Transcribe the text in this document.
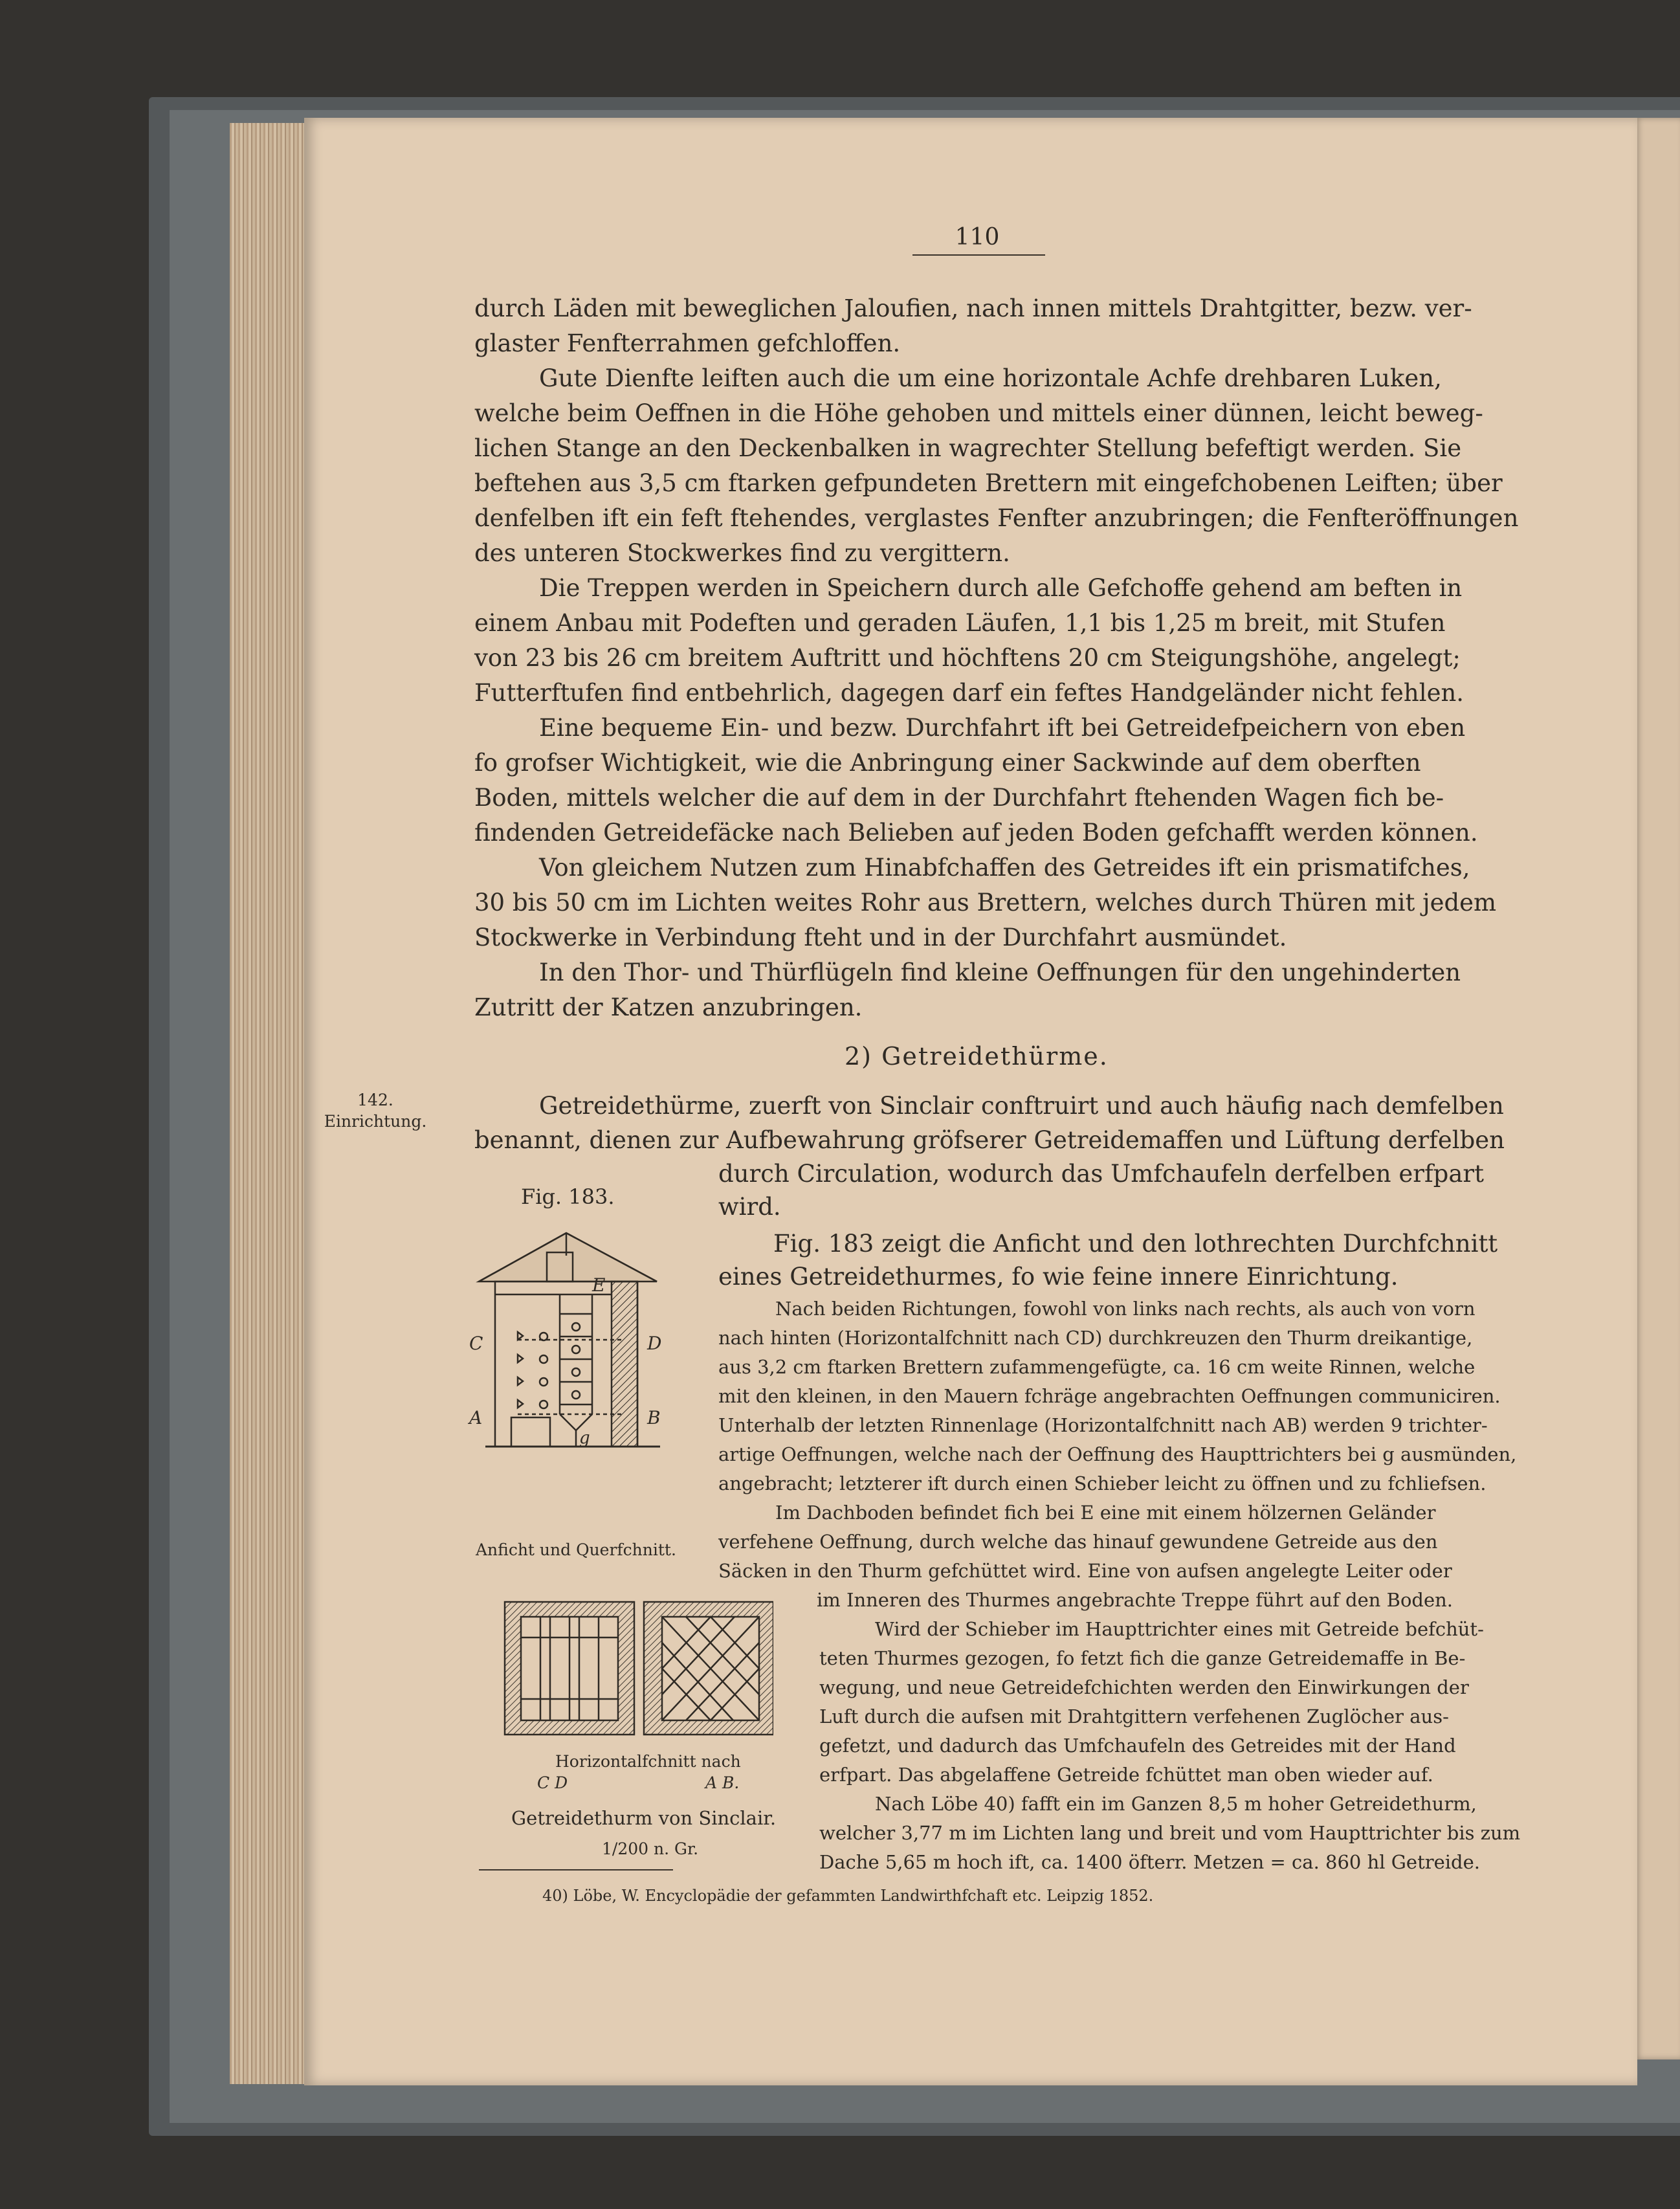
110
durch Läden mit beweglichen Jaloufien, nach innen mittels Drahtgitter, bezw. ver-
glaster Fenfterrahmen gefchloffen.
Gute Dienfte leiften auch die um eine horizontale Achfe drehbaren Luken,
welche beim Oeffnen in die Höhe gehoben und mittels einer dünnen, leicht beweg-
lichen Stange an den Deckenbalken in wagrechter Stellung befeftigt werden. Sie
beftehen aus 3,5 cm ftarken gefpundeten Brettern mit eingefchobenen Leiften; über
denfelben ift ein feft ftehendes, verglastes Fenfter anzubringen; die Fenfteröffnungen
des unteren Stockwerkes find zu vergittern.
Die Treppen werden in Speichern durch alle Gefchoffe gehend am beften in
einem Anbau mit Podeften und geraden Läufen, 1,1 bis 1,25 m breit, mit Stufen
von 23 bis 26 cm breitem Auftritt und höchftens 20 cm Steigungshöhe, angelegt;
Futterftufen find entbehrlich, dagegen darf ein feftes Handgeländer nicht fehlen.
Eine bequeme Ein- und bezw. Durchfahrt ift bei Getreidefpeichern von eben
fo grofser Wichtigkeit, wie die Anbringung einer Sackwinde auf dem oberften
Boden, mittels welcher die auf dem in der Durchfahrt ftehenden Wagen fich be-
findenden Getreidefäcke nach Belieben auf jeden Boden gefchafft werden können.
Von gleichem Nutzen zum Hinabfchaffen des Getreides ift ein prismatifches,
30 bis 50 cm im Lichten weites Rohr aus Brettern, welches durch Thüren mit jedem
Stockwerke in Verbindung fteht und in der Durchfahrt ausmündet.
In den Thor- und Thürflügeln find kleine Oeffnungen für den ungehinderten
Zutritt der Katzen anzubringen.
2) Getreidethürme.
142.
Einrichtung.
Getreidethürme, zuerft von Sinclair conftruirt und auch häufig nach demfelben
benannt, dienen zur Aufbewahrung gröfserer Getreidemaffen und Lüftung derfelben
durch Circulation, wodurch das Umfchaufeln derfelben erfpart
wird.
Fig. 183 zeigt die Anficht und den lothrechten Durchfchnitt
eines Getreidethurmes, fo wie feine innere Einrichtung.
Nach beiden Richtungen, fowohl von links nach rechts, als auch von vorn
nach hinten (Horizontalfchnitt nach CD) durchkreuzen den Thurm dreikantige,
aus 3,2 cm ftarken Brettern zufammengefügte, ca. 16 cm weite Rinnen, welche
mit den kleinen, in den Mauern fchräge angebrachten Oeffnungen communiciren.
Unterhalb der letzten Rinnenlage (Horizontalfchnitt nach AB) werden 9 trichter-
artige Oeffnungen, welche nach der Oeffnung des Haupttrichters bei g ausmünden,
angebracht; letzterer ift durch einen Schieber leicht zu öffnen und zu fchliefsen.
Im Dachboden befindet fich bei E eine mit einem hölzernen Geländer
verfehene Oeffnung, durch welche das hinauf gewundene Getreide aus den
Säcken in den Thurm gefchüttet wird. Eine von aufsen angelegte Leiter oder
im Inneren des Thurmes angebrachte Treppe führt auf den Boden.
Wird der Schieber im Haupttrichter eines mit Getreide befchüt-
teten Thurmes gezogen, fo fetzt fich die ganze Getreidemaffe in Be-
wegung, und neue Getreidefchichten werden den Einwirkungen der
Luft durch die aufsen mit Drahtgittern verfehenen Zuglöcher aus-
gefetzt, und dadurch das Umfchaufeln des Getreides mit der Hand
erfpart. Das abgelaffene Getreide fchüttet man oben wieder auf.
Nach Löbe 40) fafft ein im Ganzen 8,5 m hoher Getreidethurm,
welcher 3,77 m im Lichten lang und breit und vom Haupttrichter bis zum
Dache 5,65 m hoch ift, ca. 1400 öfterr. Metzen = ca. 860 hl Getreide.
Fig. 183.
C	D
A	B
E
g
Anficht und Querfchnitt.
Horizontalfchnitt nach
C D	A B.
Getreidethurm von Sinclair.
1/200 n. Gr.
40) Löbe, W. Encyclopädie der gefammten Landwirthfchaft etc. Leipzig 1852.
